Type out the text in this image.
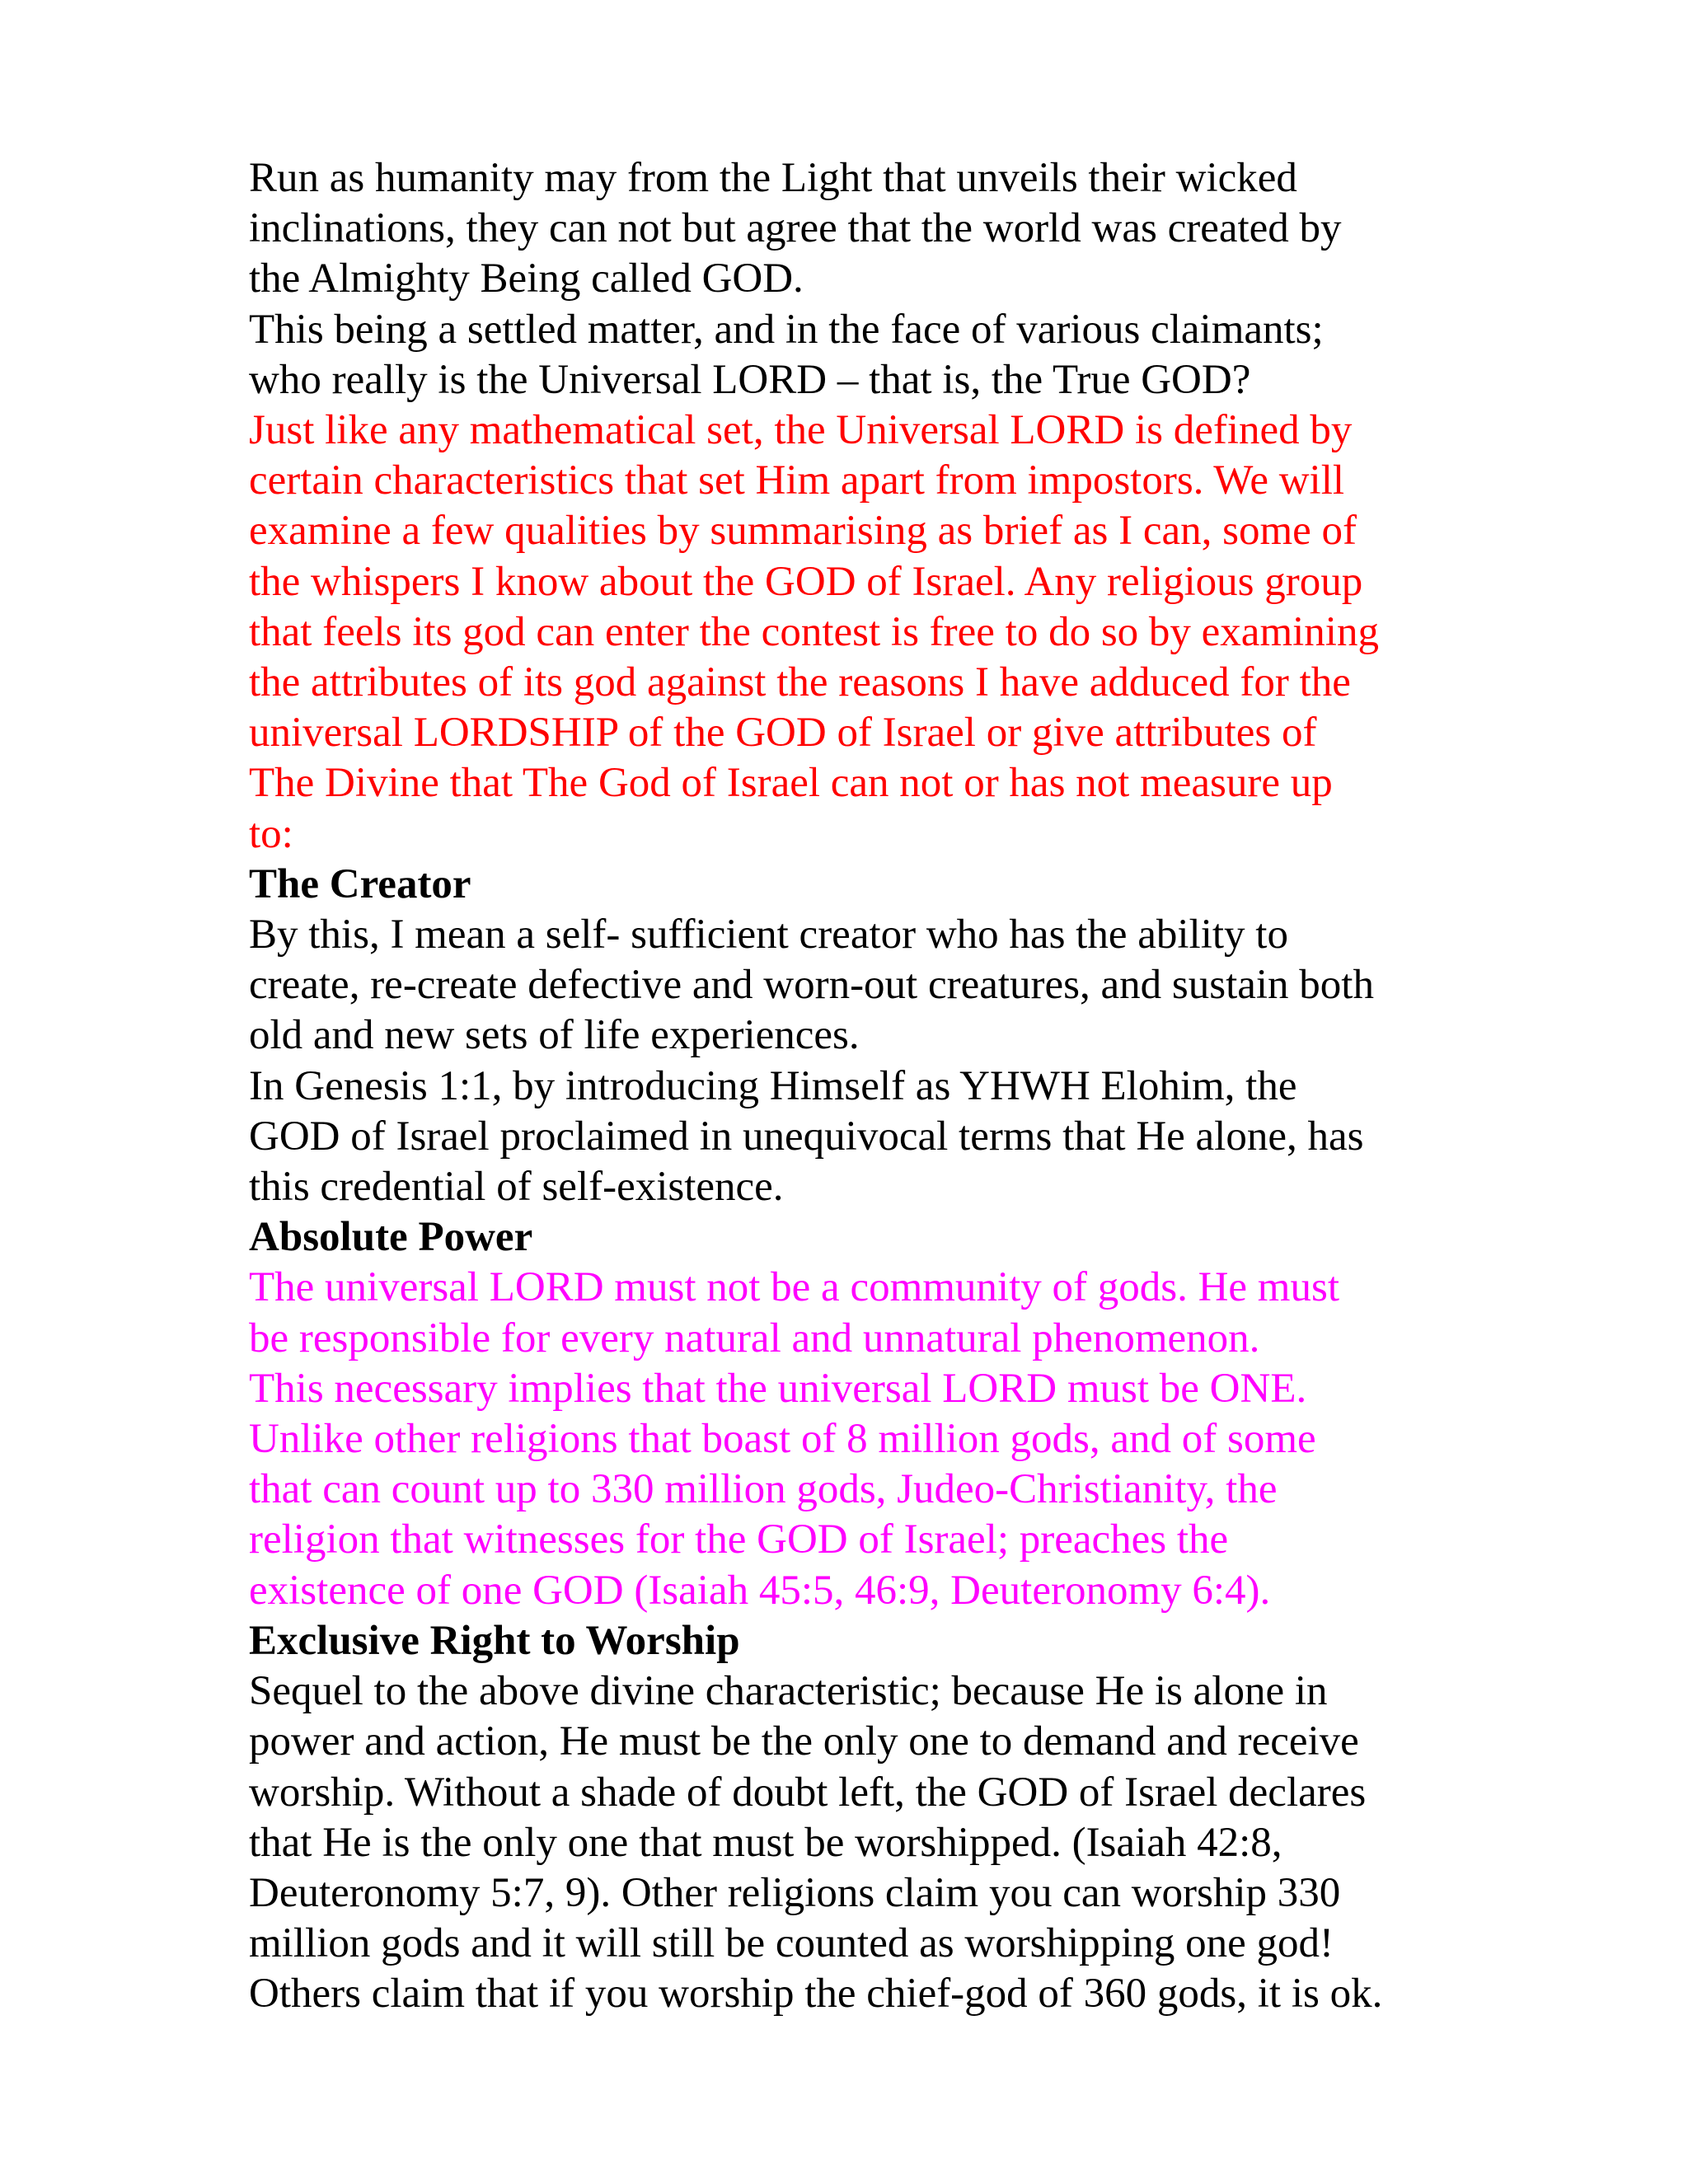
Run as humanity may from the Light that unveils their wicked
inclinations, they can not but agree that the world was created by
the Almighty Being called GOD.
This being a settled matter, and in the face of various claimants;
who really is the Universal LORD – that is, the True GOD?
Just like any mathematical set, the Universal LORD is defined by
certain characteristics that set Him apart from impostors. We will
examine a few qualities by summarising as brief as I can, some of
the whispers I know about the GOD of Israel. Any religious group
that feels its god can enter the contest is free to do so by examining
the attributes of its god against the reasons I have adduced for the
universal LORDSHIP of the GOD of Israel or give attributes of
The Divine that The God of Israel can not or has not measure up
to:
The Creator
By this, I mean a self- sufficient creator who has the ability to
create, re-create defective and worn-out creatures, and sustain both
old and new sets of life experiences.
In Genesis 1:1, by introducing Himself as YHWH Elohim, the
GOD of Israel proclaimed in unequivocal terms that He alone, has
this credential of self-existence.
Absolute Power
The universal LORD must not be a community of gods. He must
be responsible for every natural and unnatural phenomenon.
This necessary implies that the universal LORD must be ONE.
Unlike other religions that boast of 8 million gods, and of some
that can count up to 330 million gods, Judeo-Christianity, the
religion that witnesses for the GOD of Israel; preaches the
existence of one GOD (Isaiah 45:5, 46:9, Deuteronomy 6:4).
Exclusive Right to Worship
Sequel to the above divine characteristic; because He is alone in
power and action, He must be the only one to demand and receive
worship. Without a shade of doubt left, the GOD of Israel declares
that He is the only one that must be worshipped. (Isaiah 42:8,
Deuteronomy 5:7, 9). Other religions claim you can worship 330
million gods and it will still be counted as worshipping one god!
Others claim that if you worship the chief-god of 360 gods, it is ok.
